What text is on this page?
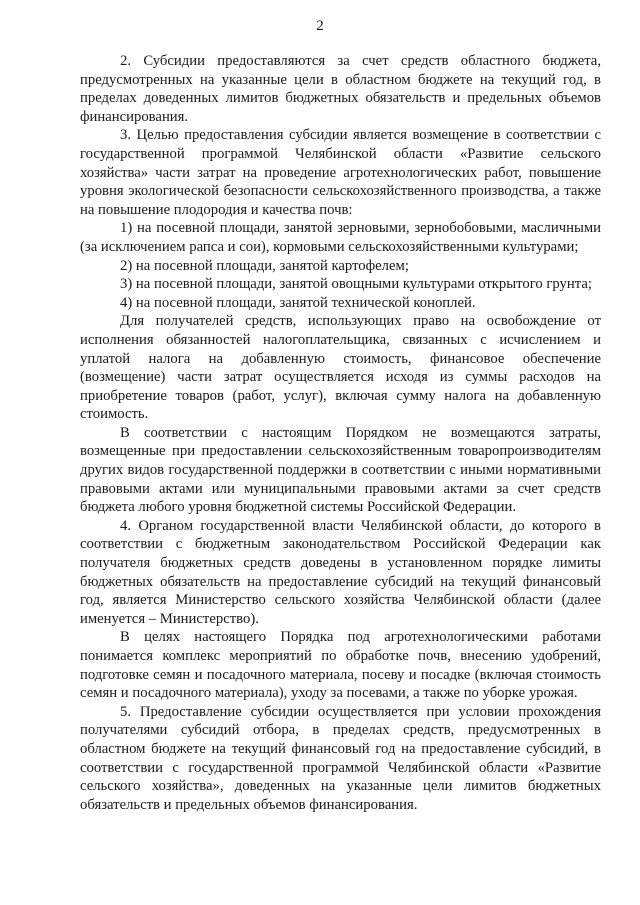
2

2. Субсидии предоставляются за счет средств областного бюджета, предусмотренных на указанные цели в областном бюджете на текущий год, в пределах доведенных лимитов бюджетных обязательств и предельных объемов финансирования.

3. Целью предоставления субсидии является возмещение в соответствии с государственной программой Челябинской области «Развитие сельского хозяйства» части затрат на проведение агротехнологических работ, повышение уровня экологической безопасности сельскохозяйственного производства, а также на повышение плодородия и качества почв:

1) на посевной площади, занятой зерновыми, зернобобовыми, масличными (за исключением рапса и сои), кормовыми сельскохозяйственными культурами;

2) на посевной площади, занятой картофелем;

3) на посевной площади, занятой овощными культурами открытого грунта;

4) на посевной площади, занятой технической коноплей.

Для получателей средств, использующих право на освобождение от исполнения обязанностей налогоплательщика, связанных с исчислением и уплатой налога на добавленную стоимость, финансовое обеспечение (возмещение) части затрат осуществляется исходя из суммы расходов на приобретение товаров (работ, услуг), включая сумму налога на добавленную стоимость.

В соответствии с настоящим Порядком не возмещаются затраты, возмещенные при предоставлении сельскохозяйственным товаропроизводителям других видов государственной поддержки в соответствии с иными нормативными правовыми актами или муниципальными правовыми актами за счет средств бюджета любого уровня бюджетной системы Российской Федерации.

4. Органом государственной власти Челябинской области, до которого в соответствии с бюджетным законодательством Российской Федерации как получателя бюджетных средств доведены в установленном порядке лимиты бюджетных обязательств на предоставление субсидий на текущий финансовый год, является Министерство сельского хозяйства Челябинской области (далее именуется – Министерство).

В целях настоящего Порядка под агротехнологическими работами понимается комплекс мероприятий по обработке почв, внесению удобрений, подготовке семян и посадочного материала, посеву и посадке (включая стоимость семян и посадочного материала), уходу за посевами, а также по уборке урожая.

5. Предоставление субсидии осуществляется при условии прохождения получателями субсидий отбора, в пределах средств, предусмотренных в областном бюджете на текущий финансовый год на предоставление субсидий, в соответствии с государственной программой Челябинской области «Развитие сельского хозяйства», доведенных на указанные цели лимитов бюджетных обязательств и предельных объемов финансирования.
